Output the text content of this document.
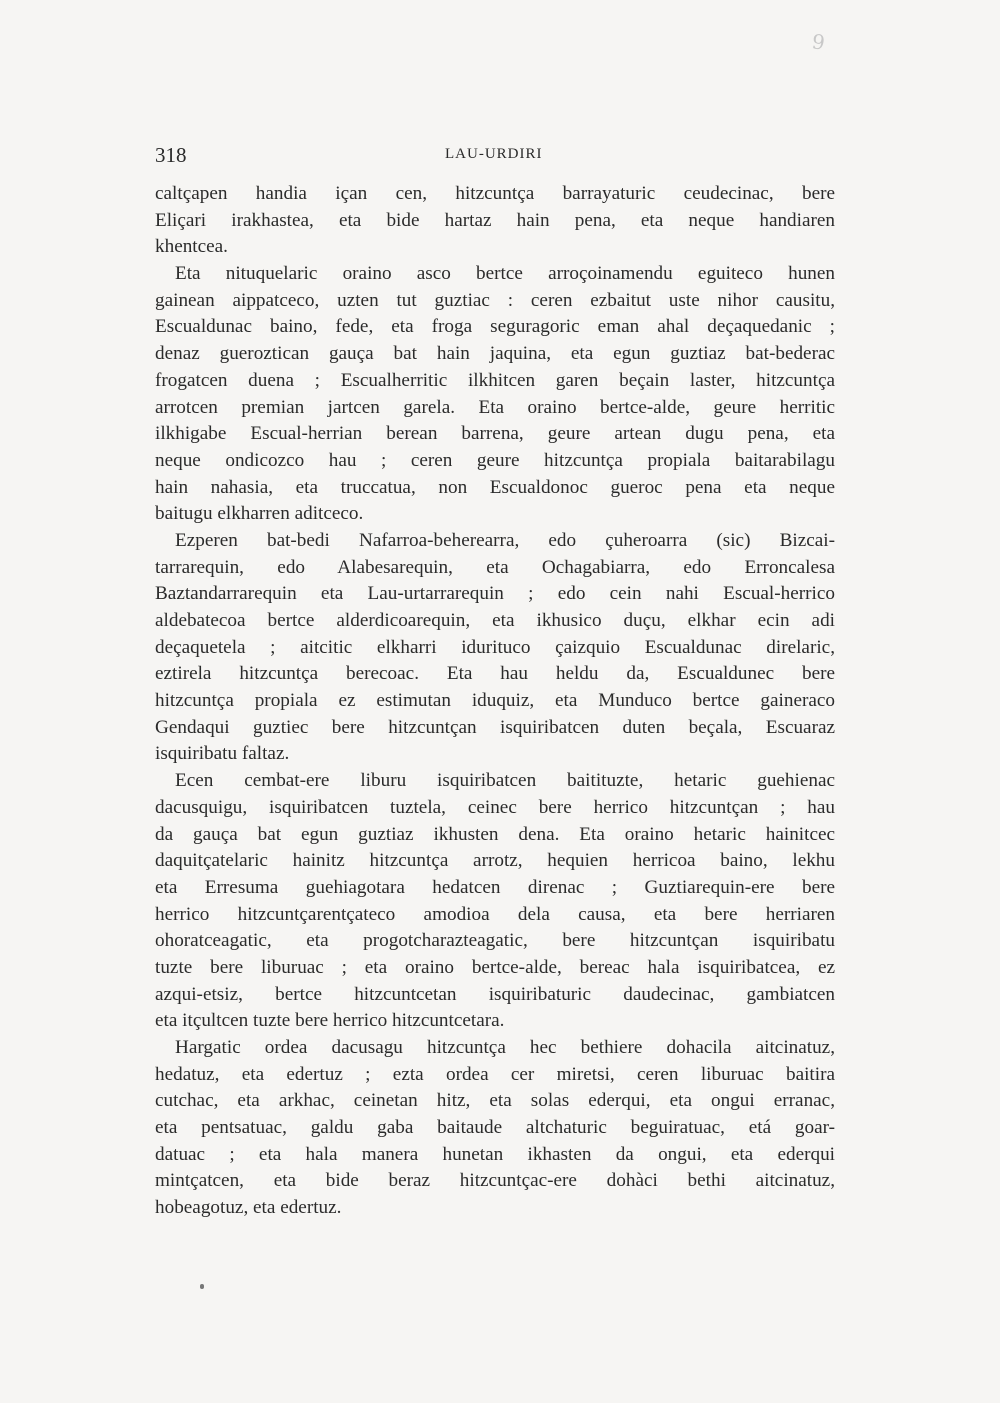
9
318	LAU-URDIRI
caltçapen handia içan cen, hitzcuntça barrayaturic ceudecinac, bere
Eliçari irakhastea, eta bide hartaz hain pena, eta neque handiaren
khentcea.
Eta nituquelaric oraino asco bertce arroçoinamendu eguiteco hunen
gainean aippatceco, uzten tut guztiac : ceren ezbaitut uste nihor causitu,
Escualdunac baino, fede, eta froga seguragoric eman ahal deçaquedanic ;
denaz gueroztican gauça bat hain jaquina, eta egun guztiaz bat-bederac
frogatcen duena ; Escualherritic ilkhitcen garen beçain laster, hitzcuntça
arrotcen premian jartcen garela. Eta oraino bertce-alde, geure herritic
ilkhigabe Escual-herrian berean barrena, geure artean dugu pena, eta
neque ondicozco hau ; ceren geure hitzcuntça propiala baitarabilagu
hain nahasia, eta truccatua, non Escualdonoc gueroc pena eta neque
baitugu elkharren aditceco.
Ezperen bat-bedi Nafarroa-beherearra, edo çuheroarra (sic) Bizcai-
tarrarequin, edo Alabesarequin, eta Ochagabiarra, edo Erroncalesa
Baztandarrarequin eta Lau-urtarrarequin ; edo cein nahi Escual-herrico
aldebatecoa bertce alderdicoarequin, eta ikhusico duçu, elkhar ecin adi
deçaquetela ; aitcitic elkharri idurituco çaizquio Escualdunac direlaric,
eztirela hitzcuntça berecoac. Eta hau heldu da, Escualdunec bere
hitzcuntça propiala ez estimutan iduquiz, eta Munduco bertce gaineraco
Gendaqui guztiec bere hitzcuntçan isquiribatcen duten beçala, Escuaraz
isquiribatu faltaz.
Ecen cembat-ere liburu isquiribatcen baitituzte, hetaric guehienac
dacusquigu, isquiribatcen tuztela, ceinec bere herrico hitzcuntçan ; hau
da gauça bat egun guztiaz ikhusten dena. Eta oraino hetaric hainitcec
daquitçatelaric hainitz hitzcuntça arrotz, hequien herricoa baino, lekhu
eta Erresuma guehiagotara hedatcen direnac ; Guztiarequin-ere bere
herrico hitzcuntçarentçateco amodioa dela causa, eta bere herriaren
ohoratceagatic, eta progotcharazteagatic, bere hitzcuntçan isquiribatu
tuzte bere liburuac ; eta oraino bertce-alde, bereac hala isquiribatcea, ez
azqui-etsiz, bertce hitzcuntcetan isquiribaturic daudecinac, gambiatcen
eta itçultcen tuzte bere herrico hitzcuntcetara.
Hargatic ordea dacusagu hitzcuntça hec bethiere dohacila aitcinatuz,
hedatuz, eta edertuz ; ezta ordea cer miretsi, ceren liburuac baitira
cutchac, eta arkhac, ceinetan hitz, eta solas ederqui, eta ongui erranac,
eta pentsatuac, galdu gaba baitaude altchaturic beguiratuac, etá goar-
datuac ; eta hala manera hunetan ikhasten da ongui, eta ederqui
mintçatcen, eta bide beraz hitzcuntçac-ere dohàci bethi aitcinatuz,
hobeagotuz, eta edertuz.
